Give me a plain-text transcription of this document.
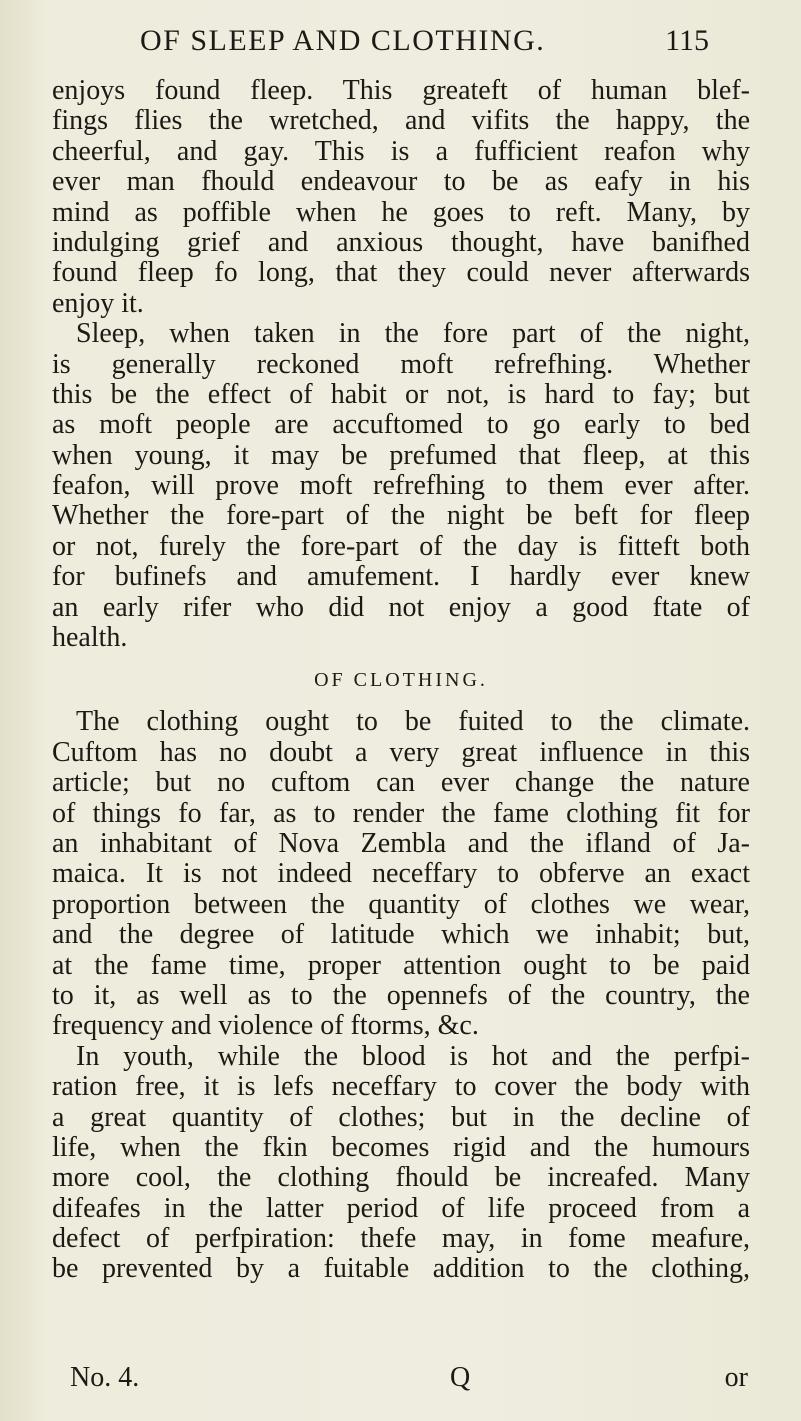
OF SLEEP AND CLOTHING.	115
enjoys found fleep. This greateft of human blef-
fings flies the wretched, and vifits the happy, the
cheerful, and gay. This is a fufficient reafon why
ever man fhould endeavour to be as eafy in his
mind as poffible when he goes to reft. Many, by
indulging grief and anxious thought, have banifhed
found fleep fo long, that they could never afterwards
enjoy it.
Sleep, when taken in the fore part of the night,
is generally reckoned moft refrefhing. Whether
this be the effect of habit or not, is hard to fay; but
as moft people are accuftomed to go early to bed
when young, it may be prefumed that fleep, at this
feafon, will prove moft refrefhing to them ever after.
Whether the fore-part of the night be beft for fleep
or not, furely the fore-part of the day is fitteft both
for bufinefs and amufement. I hardly ever knew
an early rifer who did not enjoy a good ftate of
health.
OF CLOTHING.
The clothing ought to be fuited to the climate.
Cuftom has no doubt a very great influence in this
article; but no cuftom can ever change the nature
of things fo far, as to render the fame clothing fit for
an inhabitant of Nova Zembla and the ifland of Ja-
maica. It is not indeed neceffary to obferve an exact
proportion between the quantity of clothes we wear,
and the degree of latitude which we inhabit; but,
at the fame time, proper attention ought to be paid
to it, as well as to the opennefs of the country, the
frequency and violence of ftorms, &c.
In youth, while the blood is hot and the perfpi-
ration free, it is lefs neceffary to cover the body with
a great quantity of clothes; but in the decline of
life, when the fkin becomes rigid and the humours
more cool, the clothing fhould be increafed. Many
difeafes in the latter period of life proceed from a
defect of perfpiration: thefe may, in fome meafure,
be prevented by a fuitable addition to the clothing,
No. 4.	Q	or
